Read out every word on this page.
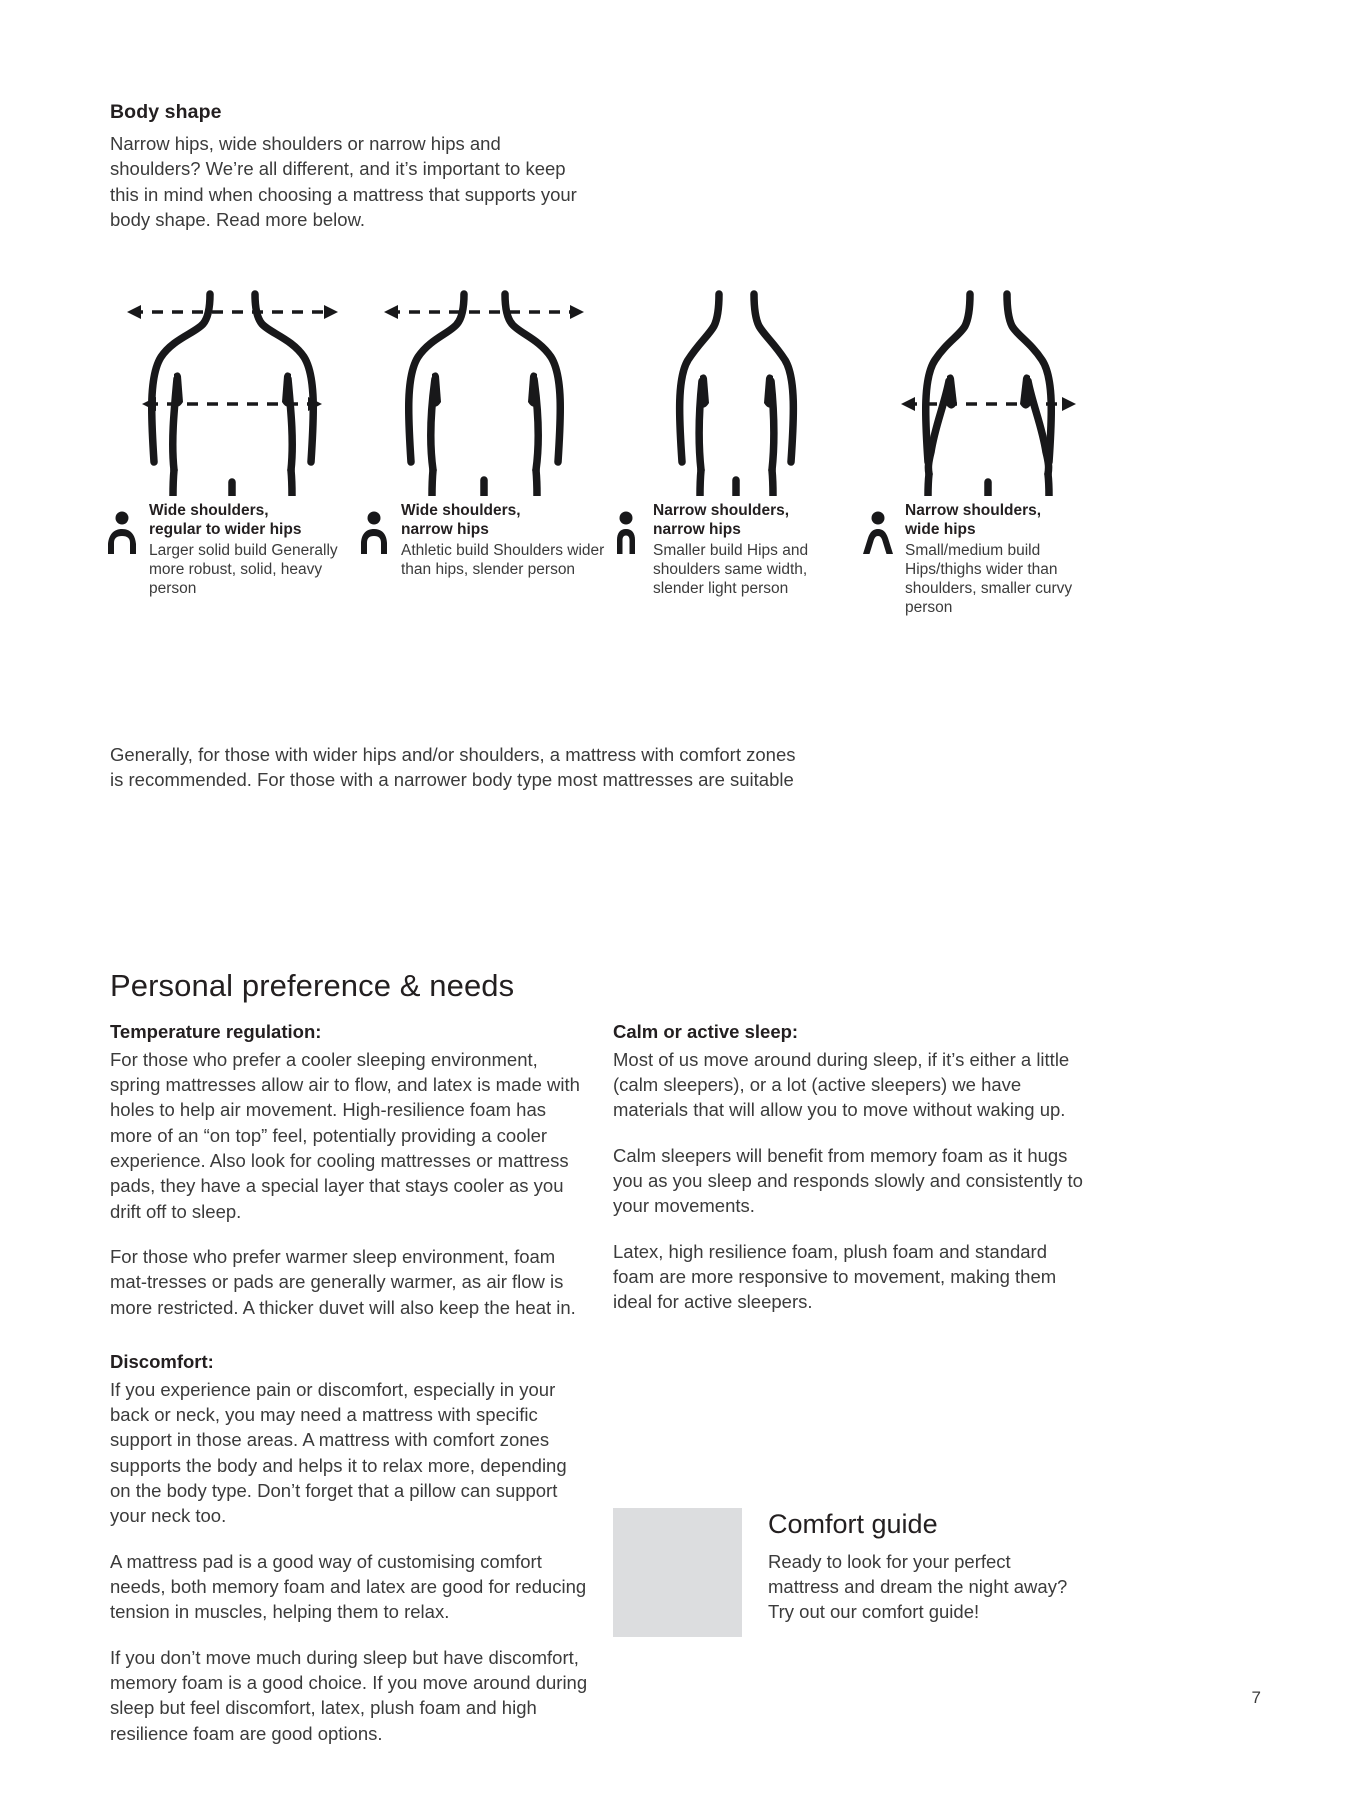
Body shape

Narrow hips, wide shoulders or narrow hips and shoulders? We’re all different, and it’s important to keep this in mind when choosing a mattress that supports your body shape. Read more below.

Wide shoulders,
regular to wider hips

Larger solid build Generally more robust, solid, heavy person

Wide shoulders,
narrow hips

Athletic build Shoulders wider than hips, slender person

Narrow shoulders,
narrow hips

Smaller build Hips and shoulders same width, slender light person

Narrow shoulders,
wide hips

Small/medium build Hips/thighs wider than shoulders, smaller curvy person

Generally, for those with wider hips and/or shoulders, a mattress with comfort zones is recommended. For those with a narrower body type most mattresses are suitable

Personal preference & needs
Temperature regulation:

For those who prefer a cooler sleeping environment, spring mattresses allow air to flow, and latex is made with holes to help air movement. High-resilience foam has more of an “on top” feel, potentially providing a cooler experience. Also look for cooling mattresses or mattress pads, they have a special layer that stays cooler as you drift off to sleep.

For those who prefer warmer sleep environment, foam mat-tresses or pads are generally warmer, as air flow is more restricted. A thicker duvet will also keep the heat in.

Discomfort:

If you experience pain or discomfort, especially in your back or neck, you may need a mattress with specific support in those areas. A mattress with comfort zones supports the body and helps it to relax more, depending on the body type. Don’t forget that a pillow can support your neck too.

A mattress pad is a good way of customising comfort needs, both memory foam and latex are good for reducing tension in muscles, helping them to relax.

If you don’t move much during sleep but have discomfort, memory foam is a good choice. If you move around during sleep but feel discomfort, latex, plush foam and high resilience foam are good options.

Calm or active sleep:

Most of us move around during sleep, if it’s either a little (calm sleepers), or a lot (active sleepers) we have materials that will allow you to move without waking up.

Calm sleepers will benefit from memory foam as it hugs you as you sleep and responds slowly and consistently to your movements.

Latex, high resilience foam, plush foam and standard foam are more responsive to movement, making them ideal for active sleepers.

Comfort guide

Ready to look for your perfect mattress and dream the night away? Try out our comfort guide!

7
